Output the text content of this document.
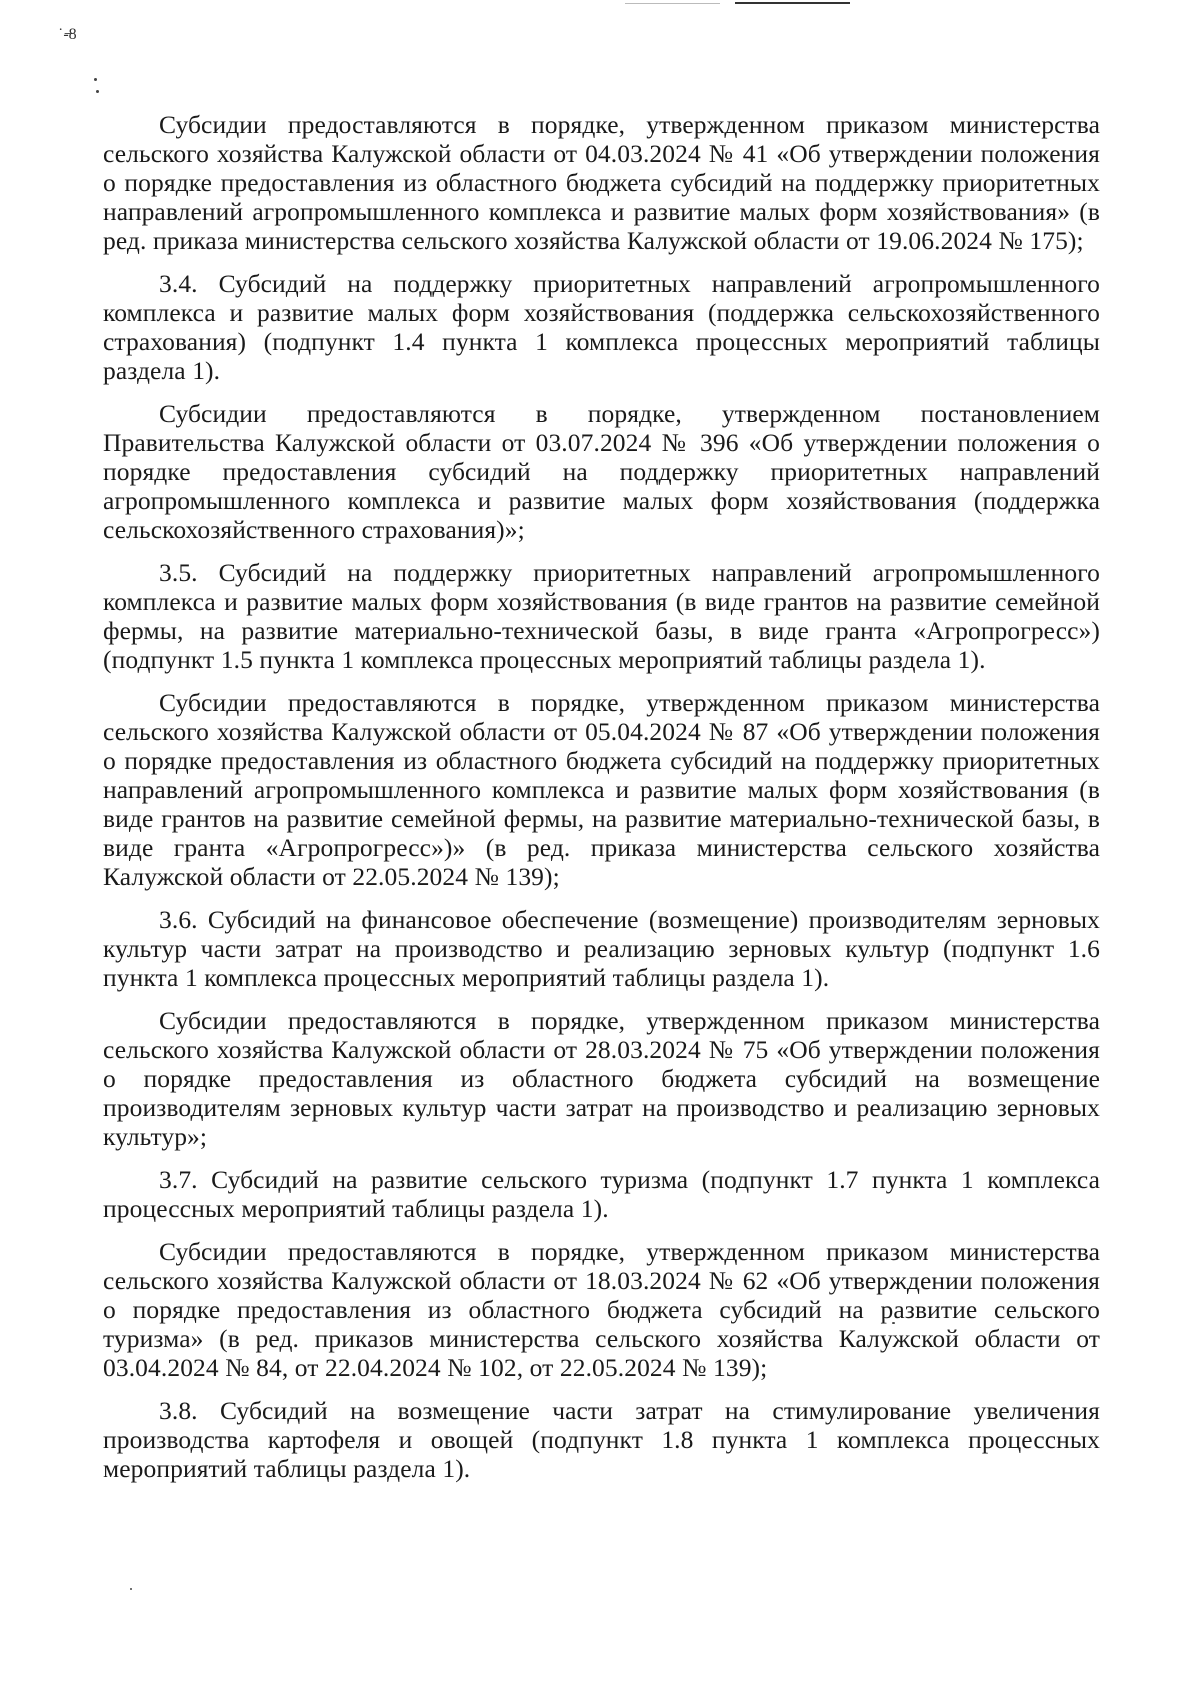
˙-̶8

Субсидии предоставляются в порядке, утвержденном приказом министерства сельского хозяйства Калужской области от 04.03.2024 № 41 «Об утверждении положения о порядке предоставления из областного бюджета субсидий на поддержку приоритетных направлений агропромышленного комплекса и развитие малых форм хозяйствования» (в ред. приказа министерства сельского хозяйства Калужской области от 19.06.2024 № 175);

3.4. Субсидий на поддержку приоритетных направлений агропромышленного комплекса и развитие малых форм хозяйствования (поддержка сельскохозяйственного страхования) (подпункт 1.4 пункта 1 комплекса процессных мероприятий таблицы раздела 1).

Субсидии предоставляются в порядке, утвержденном постановлением Правительства Калужской области от 03.07.2024 № 396 «Об утверждении положения о порядке предоставления субсидий на поддержку приоритетных направлений агропромышленного комплекса и развитие малых форм хозяйствования (поддержка сельскохозяйственного страхования)»;

3.5. Субсидий на поддержку приоритетных направлений агропромышленного комплекса и развитие малых форм хозяйствования (в виде грантов на развитие семейной фермы, на развитие материально-технической базы, в виде гранта «Агропрогресс») (подпункт 1.5 пункта 1 комплекса процессных мероприятий таблицы раздела 1).

Субсидии предоставляются в порядке, утвержденном приказом министерства сельского хозяйства Калужской области от 05.04.2024 № 87 «Об утверждении положения о порядке предоставления из областного бюджета субсидий на поддержку приоритетных направлений агропромышленного комплекса и развитие малых форм хозяйствования (в виде грантов на развитие семейной фермы, на развитие материально-технической базы, в виде гранта «Агропрогресс»)» (в ред. приказа министерства сельского хозяйства Калужской области от 22.05.2024 № 139);

3.6. Субсидий на финансовое обеспечение (возмещение) производителям зерновых культур части затрат на производство и реализацию зерновых культур (подпункт 1.6 пункта 1 комплекса процессных мероприятий таблицы раздела 1).

Субсидии предоставляются в порядке, утвержденном приказом министерства сельского хозяйства Калужской области от 28.03.2024 № 75 «Об утверждении положения о порядке предоставления из областного бюджета субсидий на возмещение производителям зерновых культур части затрат на производство и реализацию зерновых культур»;

3.7. Субсидий на развитие сельского туризма (подпункт 1.7 пункта 1 комплекса процессных мероприятий таблицы раздела 1).

Субсидии предоставляются в порядке, утвержденном приказом министерства сельского хозяйства Калужской области от 18.03.2024 № 62 «Об утверждении положения о порядке предоставления из областного бюджета субсидий на развитие сельского туризма» (в ред. приказов министерства сельского хозяйства Калужской области от 03.04.2024 № 84, от 22.04.2024 № 102, от 22.05.2024 № 139);

3.8. Субсидий на возмещение части затрат на стимулирование увеличения производства картофеля и овощей (подпункт 1.8 пункта 1 комплекса процессных мероприятий таблицы раздела 1).
